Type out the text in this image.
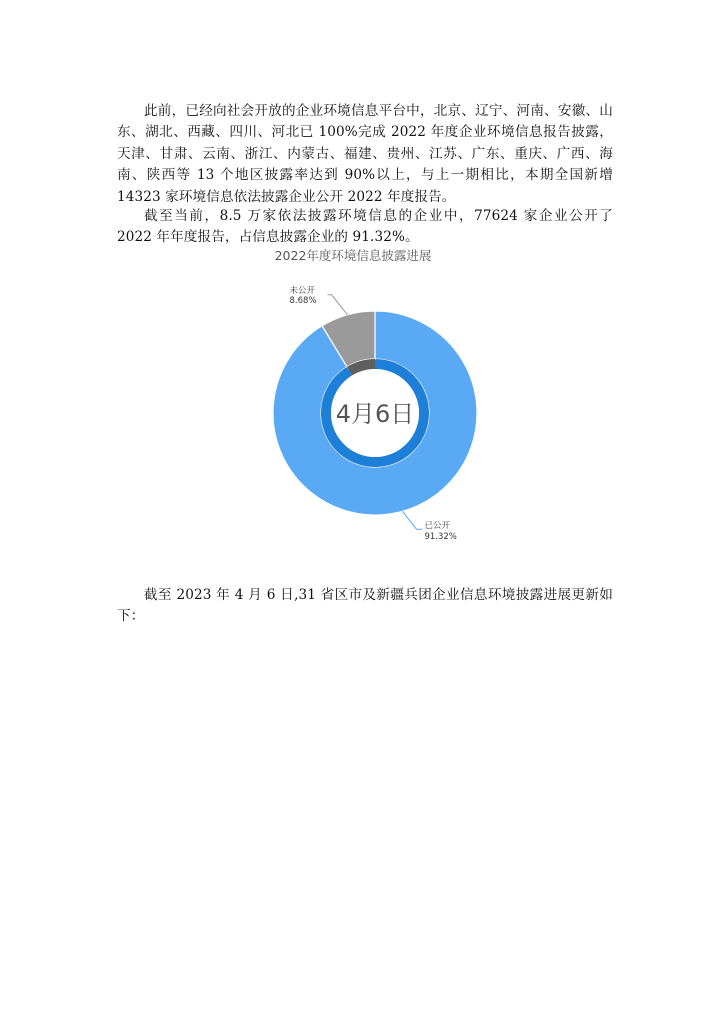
此前，已经向社会开放的企业环境信息平台中，北京、辽宁、河南、安徽、山东、湖北、西藏、四川、河北已 100%完成 2022 年度企业环境信息报告披露，天津、甘肃、云南、浙江、内蒙古、福建、贵州、江苏、广东、重庆、广西、海南、陕西等 13 个地区披露率达到 90%以上，与上一期相比，本期全国新增 14323 家环境信息依法披露企业公开 2022 年度报告。

截至当前，8.5 万家依法披露环境信息的企业中，77624 家企业公开了 2022 年年度报告，占信息披露企业的 91.32%。

2022年度环境信息披露进展
4月6日
未公开
8.68%
已公开
91.32%

截至 2023 年 4 月 6 日,31 省区市及新疆兵团企业信息环境披露进展更新如下：
